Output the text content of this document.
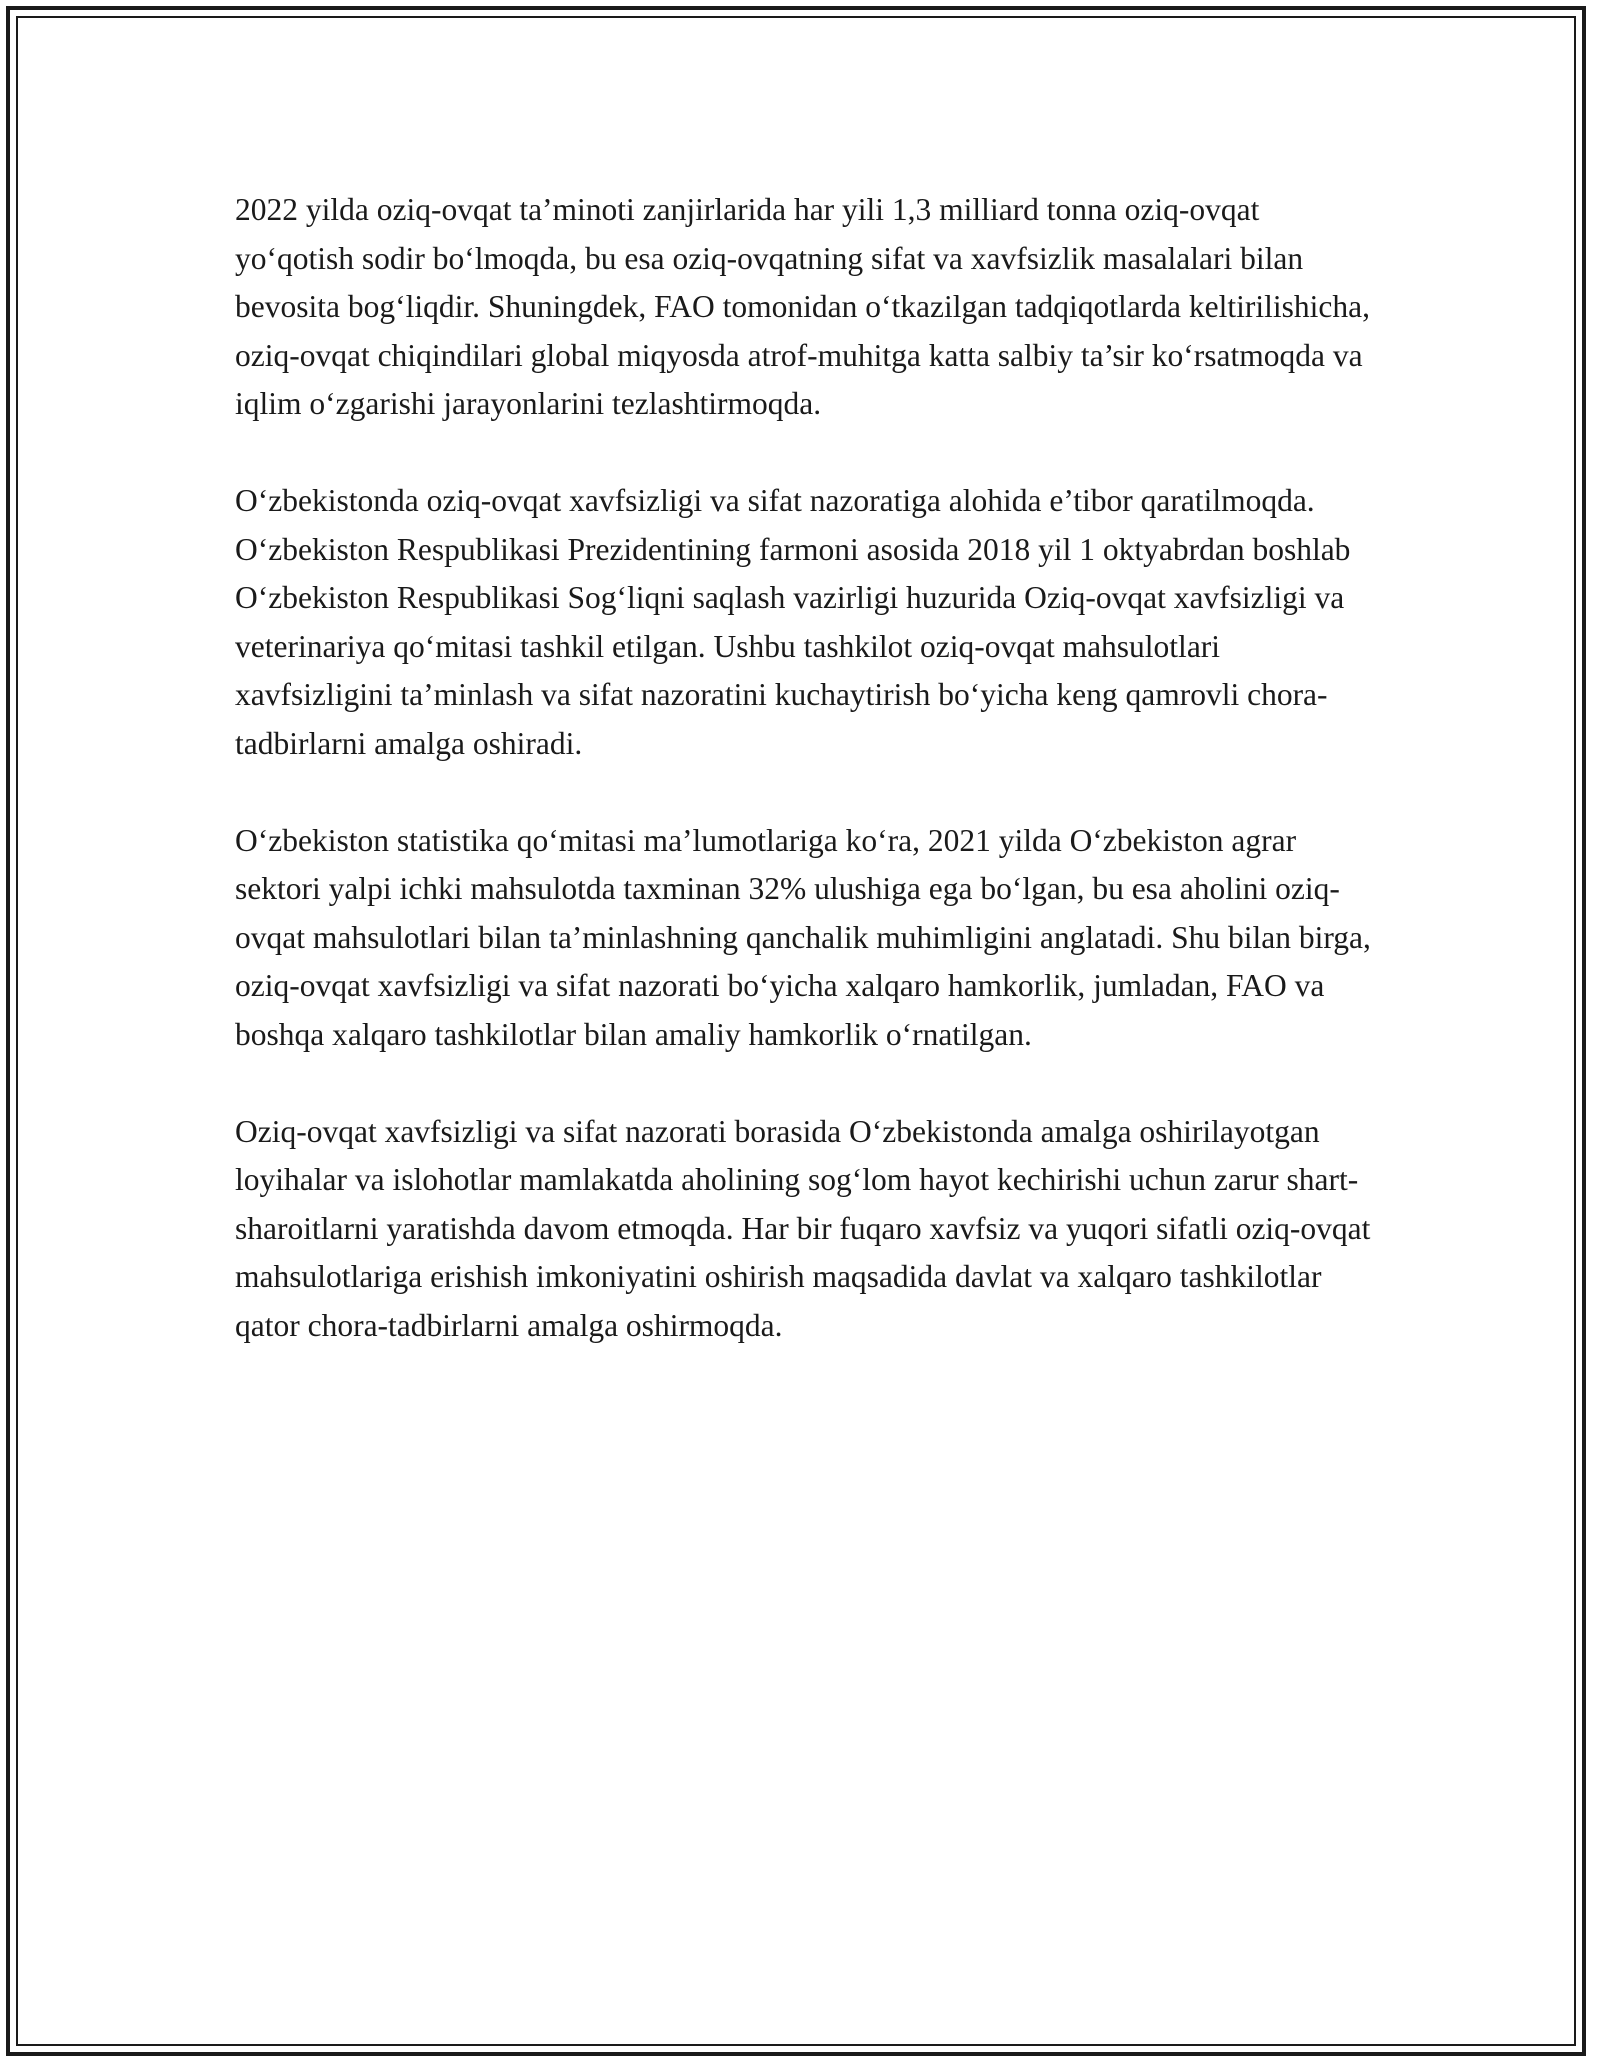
2022 yilda oziq-ovqat ta’minoti zanjirlarida har yili 1,3 milliard tonna oziq-ovqat yo‘qotish sodir bo‘lmoqda, bu esa oziq-ovqatning sifat va xavfsizlik masalalari bilan bevosita bog‘liqdir. Shuningdek, FAO tomonidan o‘tkazilgan tadqiqotlarda keltirilishicha, oziq-ovqat chiqindilari global miqyosda atrof-muhitga katta salbiy ta’sir ko‘rsatmoqda va iqlim o‘zgarishi jarayonlarini tezlashtirmoqda.

O‘zbekistonda oziq-ovqat xavfsizligi va sifat nazoratiga alohida e’tibor qaratilmoqda. O‘zbekiston Respublikasi Prezidentining farmoni asosida 2018 yil 1 oktyabrdan boshlab O‘zbekiston Respublikasi Sog‘liqni saqlash vazirligi huzurida Oziq-ovqat xavfsizligi va veterinariya qo‘mitasi tashkil etilgan. Ushbu tashkilot oziq-ovqat mahsulotlari xavfsizligini ta’minlash va sifat nazoratini kuchaytirish bo‘yicha keng qamrovli chora-tadbirlarni amalga oshiradi.

O‘zbekiston statistika qo‘mitasi ma’lumotlariga ko‘ra, 2021 yilda O‘zbekiston agrar sektori yalpi ichki mahsulotda taxminan 32% ulushiga ega bo‘lgan, bu esa aholini oziq-ovqat mahsulotlari bilan ta’minlashning qanchalik muhimligini anglatadi. Shu bilan birga, oziq-ovqat xavfsizligi va sifat nazorati bo‘yicha xalqaro hamkorlik, jumladan, FAO va boshqa xalqaro tashkilotlar bilan amaliy hamkorlik o‘rnatilgan.

Oziq-ovqat xavfsizligi va sifat nazorati borasida O‘zbekistonda amalga oshirilayotgan loyihalar va islohotlar mamlakatda aholining sog‘lom hayot kechirishi uchun zarur shart-sharoitlarni yaratishda davom etmoqda. Har bir fuqaro xavfsiz va yuqori sifatli oziq-ovqat mahsulotlariga erishish imkoniyatini oshirish maqsadida davlat va xalqaro tashkilotlar qator chora-tadbirlarni amalga oshirmoqda.
